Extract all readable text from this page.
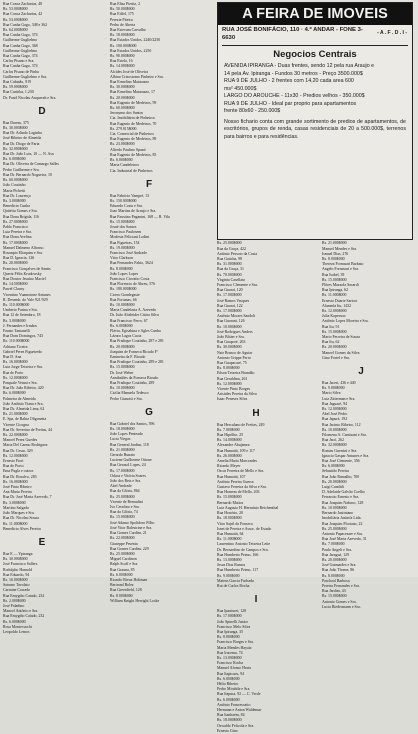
Rua Conca Zacharias, 48
Rs. 53.000$000
Rua Conca Zacharias, 42
Rs. 53.000$000
Rua Cunha Gago, 348 e 362
Rs. 64.000$000
Rua Cunha Gago, 374
Guilherme Guglielmo
Rua Cunha Gago, 368
Guilherme Guglielmo
Rua Cunha Gago, 374
Carlos Pisano e Sra.
Rua Cunha Gago, 374
Carlos Pisano de Pinho
Guilherme Guglielmo e Sra.
Rua Cubatão, 919
Rs. 59.000$000
Rua Curitiba, 1.230
Dr. Farid Nicolau Anquerah e Sra.
D
Rua Dareas, 375
Rs. 30.000$000
Rua Dr. Arlindo Laginha
José Ribeiro de Almeida
Rua Dr. Diogo de Faria
Rs. 32.000$000
Rua Dr. João Luiz, 10 — N. Asa
Rs. 6.000$000
Rua Dr. Oliveira de Camargo Salles
Pedro Guilherme e Sra.
Rua Dr. Bernardo Nogueira, 10
Rs. 60.000$000
João Coutinho
Maria Pichetti
Rua Dr. Lourenço
Rs. 3.000$000
Benedicto Cunha
Quitéria Gomes e Sra.
Rua Dona Brígida, 116
Rs. 27.000$000
Pablo Francisco
Luiz Pereira e Sra.
Rua Dona Avelina
Rs. 17.000$000
Manuel Dalmeno Alfonso
Rosanpio Eliaquim e Sra.
Rua D. Ignacia, 126
Rs. 20.000$000
Francisco Gonçalves de Santis
Queriz Fêlix Krudowsky
Rua Doutor Jesuíno Maciel
Rs. 14.500$000
Pawel Clausy
Vicentino Vuamotone Antunes
R. Desemb. do Vale 921/929
Rs. 110.000$000
Umberto Farina e Sra.
Rua 12 de Setembro, 18
Rs. 3.000$000
J. Fernandes e Irmãos
Fausto Tamanelli
Rua Dom Domingos, 743
Rs. 110.000$000
Adriano Ticeira
Gabriel Perez Figueiredo
Rua D. Ana
Rs. 16.000$000
Luiz Jorge Teixeira e Sra.
Rua de Porto
Rs. 12.000$000
Pasquale Vetani e Sra.
Rua Dr. João Ribeiro, 420
Rs. 6.000$000
Palmeira de Almeida
João Antônio Viana e Sra.
Rua Dr. Almeida Lima, 62
Rs. 21.000$000
E. Spa, de Bahia Oligonetta
Vicente Cicogna
Rua Dr. Severino de Freitas, 44
Rs. 22.000$000
Manoel Perez Guedes
Maria Del Carmo Rodriguez
Rua Dr. Cesar, 329
Rs. 12.000$000
Ernesto Fiori
Rua do Porto
Ema Pugla e outros
Rua Dr. Rosalvo, 283
Rs. 16.000$000
José Pinto Ribeiro
Ana Maria Pereira
Rua Dr. José Maria Azevedo, 7
Rs. 3.000$000
Martino Salgado
João Marques e Sra.
Rua Dr. Nicolau Souza
Rs. 11.000$000
Benedicto Alves Pereira
E
Rua E — Ypiranga
Rs. 30.000$000
José Francisco Sallers
Rodolpho Harnold
Rua Eduardo, 94
Rs. 16.000$000
Saturno Tavolato
Carmine Corrado
Rua Emygdio Caiado, 232
Rs. 2.000$000
José Paladino
Manoel Antônio e Sra.
Rua Emygdio Caiado, 232
Rs. 6.000$000
Rosa Montecucchi
Leopoldo Lemos
Rua Elisa Pieritz, 2
Rs. 50.000$000
Rua Eiffel, 175
Perezie Piteira
Pedro de Aberta
Rua Estevam Carvalho
Rs. 18.000$000
Rua Estados Unidos, 2240/2250
Rs. 100.000$000
Rua Estados Unidos, 2250
Rs. 90.000$000
Rua Estela, 16
Rs. 14.000$000
Alcides José de Oliveira
Albino Crisostomo Pinheiro e Sra.
Rua Ermelino Matarazzo
Rs. 30.000$000
Rua Ermelino Matarazzo, 17
Rs. 20.000$000
Rua Eugenio de Medeiros, 99
Rs. 60.000$000
Jeronymo dos Santos
Cia. Imobiliária de Pinheiros
Rua Eugenio de Medeiros, 70
Rs. 279.015$000
Cia. Comercial de Pinheiros
Rua Eugenio de Medeiros, 89
Rs. 23.000$000
Alfredo Paulino Spanó
Rua Eugenio de Medeiros, 85
Rs. 6.000$000
Maria Candeleiros
Cia. Industrial de Pinheiros
F
Rua Fabrício Vampré, 13
Rs. 150.000$000
Eduardo Costa e Sra.
Joao Martins de Araujo e Sra.
Rua Faustino Paganini, 168 — R. Vila
Rs. 15.000$000
Josué dos Santos
Francisco Paulosem
Modesta Feliciani Lodini
Rua Figueiras, 154
Rs. 19.000$000
Francisco José Andrade
Vitor Clarkson
Rua Fernandes Fabio, 3624
Rs. 8.000$000
João Lopes Lopes
Francisco Ciovatto Costa
Rua Florencio de Abreu, 576
Rs. 180.000$000
Cicero Gondegaste
Rua Fortunas, 66
Rs. 10.000$000
Maria Candelaria A. Azevedo
Dr. João Alteleider Cátira Silva
Rua Francisco Ferro, 67
Rs. 6.000$000
Flávia, Egisabina e Agles Cunha
Lázaro Lagos Cucia
Rua Fradique Coutinho, 287 e 281
Rs. 20.000$000
Joaquim de Fonseca Bicudo Fº
Eaninetta da F. Bicudo
Rua Fradique Coutinho, 289 e 281
Rs. 15.000$000
Dr. José Weber
Annibaldes da Fonseca Bicudo
Rua Fradique Coutinho, 289
Rs. 10.000$000
Cicilia Manuela Tedesco
Pedro Gianotti e Sra.
G
Rua Gabriel dos Santos, 596
Rs. 18.000$000
João Lopes Penteado
Lucia Viegas
Rua General Jardim, 118
Rs. 21.000$000
Gerardo Bunato
Luciene Guilherme Ottone
Rua Gerasol Lopes, 24
Rs. 17.000$000
Oduca e Vitória Soares
João dos Reis e Sra.
Abel Andrade
Rua da Glória, 864
Rs. 25.000$000
Vicente de Bernadini
Ivo Cerafino e Sra.
Rua da Glória, 74
Rs. 15.000$000
José Adamo Spolidoro Filho
José Vitor Balestrine e Sra.
Rua Gomes Cardim, 21
Rs. 22.000$000
Giuseppe Pesenta
Rua Gomes Cardim, 229
Rs. 25.000$000
Miguel Cardinon
Ralph Scaff e Sra.
Rua Grauna, 85
Rs. 6.000$000
Ricardo Rieux Holtman
Bertrand Bolez
Rua Greenfield, 128
Rs. 8.000$000
William Knight Herright Locke

Rs. 25.000$000
Rua da Graça, 422
Antônio Pessoto da Costa
Rua Gaúcha, 98
Rs. 31.000$000
Rua da Graça, 31
Rs. 70.000$000
Virginia Casellato
Francisco Clemente e Sra.
Rua Guaraí, 120
Rs. 17.000$000
José Ramos Vasques
Rua Guaraí, 122
Rs. 17.000$000
Antônio Moraes Sandoli
Rua Guarani, 126
Rs. 10.000$000
José Rodrigues Anders
João Bôtter e Sra.
Rua Guaporé, 263
Rs. 30.000$000
Nair Branco de Aguiar
Antonio Grippe Ferro
Rua Guapacaré, 75
Rs. 8.000$000
Edson Teixeira Brandão
Rua Geraldina, 261
Rs. 12.000$000
Vicente Pinto Borges
Aristides Pereira da Silva
Isaac Peneses Silva
H
Rua Herculano de Freitas, 249
Rs. 7.000$000
Rua Hipólito, 25
Rs. 14.000$000
Alexandre Abujamra
Rua Humaitá, 109 e 117
Rs. 26.000$000
Amelia Maria Marcondes
Ricardo Meyer
Oscar Ferreira de Mello e Sra.
Rua Humaitá, 107
Antônio Pereira Guerra
Gustavo Ferreira da Silva e Sra.
Rua Homem de Mello, 203
Rs. 15.000$000
Bernardo Mattos
Luiz Augusto H. Hermínio Reichenthal
Rua Honório, 20
Rs. 18.000$000
Vitor Sajril da Fonseca
Isnet de Pereira e Assoc. de Estado
Rua Humaitá, 64
Rs. 11.000$000
Laurentino Antonio Teixeira Leite
Dr. Bernardino de Campos e Sra.
Rua Humberto Primo, 166
Rs. 13.000$000
Jesus Dias Ramos
Rua Humberto Primo, 117
Rs. 9.000$000
Mateus Garcia Fachada
Rui de Carlos Rocha
I
Rua Ipauturet, 128
Rs. 17.000$000
João Spinelli Junior
Francisco Melo Silva
Rua Ipiranga, 35
Rs. 8.000$000
Francisco Borges e Sra.
Maria Mendes Hayaiz
Rua Iracema, 74
Rs. 13.000$000
Francisco Rocha
Manuel Afonso Horta
Rua Itapicuru, 94
Rs. 6.000$000
Hélio Ribeiro
Pedro Mirabile e Sra.
Rua Itapura, 92 — C. Verde
Rs. 6.000$000
Antônio Francescatto
Hermann e Anton Waldemar
Rua Itanhaém, 84
Rs. 18.000$000
Oswaldo Felicola e Sra.
Ernesto Gino

Rs. 21.000$000
Manuel Mendes e Sra.
Ismael Dias, 276
Rs. 8.000$000
Thereza Fornasari Barbato
Angelo Fornasari e Sra.
Rua Isabel, 39
Rs. 15.000$000
Flôres Mazzola Sacardi
Rua Ipiranga, 62
Rs. 11.000$000
Ernesto Duarte Sartori
Alameda Itu, 1432
Rs. 12.000$000
Julia Koperson
Antônio Lopes Moreira e Sra.
Rua Itu, 91
Rs. 15.000$000
Mario Ferreira de Souza
Rua Itu, 62
Rs. 20.000$000
Manoel Gomes da Silva
Gino Fortel e Sra.
J
Rua Jaceri, 436 e 440
Rs. 9.000$000
Mario Silva
Luiz Zitterman e Sra.
Rua Jaguaré, 94
Rs. 12.000$000
Abel José Pedro
Rua Japurá, 192
Rua Jacinto Ribeiro, 112
Rs. 10.000$000
Filomena A. Cantisani e Sra.
Rua Jacó, 262
Rs. 32.000$000
Romeu Guerrini e Sra.
Ignacio Gaspar Antunes e Sra.
Rua José Clemente, 356
Rs. 6.000$000
Sebastião Pereira
Rua João Ramalho, 700
Rs. 20.000$000
Luigi Candidi
D. Adelaide Galvão Coelho
Ferraroio Ernesto e Sra.
Rua Joaquim Nabuco, 128
Rs. 10.000$000
Bernardo Justiniano
Imobiliária Justinfa Ltda.
Rua Joaquim Floriano, 22
Rs. 25.000$000
Antonio Papacesare e Sra.
Rua José Maria Azevedo, 31
Rs. 7.000$000
Paulo Angeli e Sra.
Rua Jaraguá, 129
Rs. 20.000$000
José Guimarães e Sra.
Rua João Thome, 86
Rs. 8.000$000
Paschoal Barbosa
Pereira Fernandes e Sra.
Rua Jardim, 43
Rs. 15.000$000
Antonio Gomes e Sra.
Lucia Biedermann e Sra.
A FEIRA DE IMOVEIS
RUA JOSÉ BONIFÁCIO, 110 · 4.º ANDAR - FONE 3-6630
- A . F . D . I -
Negocios Centrais
AVENIDA IPIRANGA - Duas frentes, sendo 12 pela rua Araujo e
14 pela Av. Ipiranga - Fundos 30 metros - Preço 3500.000$
RUA 9 DE JULHO - 2 frentes com 14,20 cada area 600
ms² 450.000$
LARGO DO AROUCHE - 11x30 - Predios velhos - 350.000$
RUA 9 DE JULHO - Ideal par proprio para apartamentos
frente 80x60 - 250.000$
Nosso fichario conta com grande sortimento de predios de apartamentos, de escritórios, grupos de renda, casas residenciais de 20 a 500.000$, terrenos para bairros e para residências.
